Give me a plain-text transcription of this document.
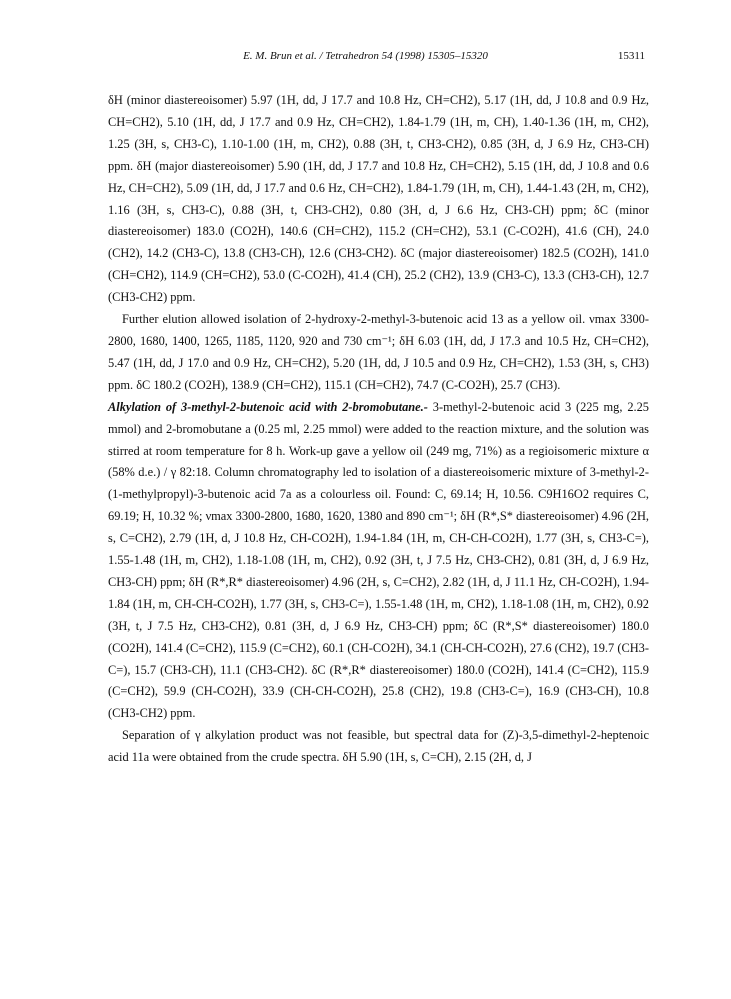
E. M. Brun et al. / Tetrahedron 54 (1998) 15305–15320	15311

δH (minor diastereoisomer) 5.97 (1H, dd, J 17.7 and 10.8 Hz, CH=CH2), 5.17 (1H, dd, J 10.8 and 0.9 Hz, CH=CH2), 5.10 (1H, dd, J 17.7 and 0.9 Hz, CH=CH2), 1.84-1.79 (1H, m, CH), 1.40-1.36 (1H, m, CH2), 1.25 (3H, s, CH3-C), 1.10-1.00 (1H, m, CH2), 0.88 (3H, t, CH3-CH2), 0.85 (3H, d, J 6.9 Hz, CH3-CH) ppm. δH (major diastereoisomer) 5.90 (1H, dd, J 17.7 and 10.8 Hz, CH=CH2), 5.15 (1H, dd, J 10.8 and 0.6 Hz, CH=CH2), 5.09 (1H, dd, J 17.7 and 0.6 Hz, CH=CH2), 1.84-1.79 (1H, m, CH), 1.44-1.43 (2H, m, CH2), 1.16 (3H, s, CH3-C), 0.88 (3H, t, CH3-CH2), 0.80 (3H, d, J 6.6 Hz, CH3-CH) ppm; δC (minor diastereoisomer) 183.0 (CO2H), 140.6 (CH=CH2), 115.2 (CH=CH2), 53.1 (C-CO2H), 41.6 (CH), 24.0 (CH2), 14.2 (CH3-C), 13.8 (CH3-CH), 12.6 (CH3-CH2). δC (major diastereoisomer) 182.5 (CO2H), 141.0 (CH=CH2), 114.9 (CH=CH2), 53.0 (C-CO2H), 41.4 (CH), 25.2 (CH2), 13.9 (CH3-C), 13.3 (CH3-CH), 12.7 (CH3-CH2) ppm.

Further elution allowed isolation of 2-hydroxy-2-methyl-3-butenoic acid 13 as a yellow oil. νmax 3300-2800, 1680, 1400, 1265, 1185, 1120, 920 and 730 cm⁻¹; δH 6.03 (1H, dd, J 17.3 and 10.5 Hz, CH=CH2), 5.47 (1H, dd, J 17.0 and 0.9 Hz, CH=CH2), 5.20 (1H, dd, J 10.5 and 0.9 Hz, CH=CH2), 1.53 (3H, s, CH3) ppm. δC 180.2 (CO2H), 138.9 (CH=CH2), 115.1 (CH=CH2), 74.7 (C-CO2H), 25.7 (CH3).

Alkylation of 3-methyl-2-butenoic acid with 2-bromobutane.- 3-methyl-2-butenoic acid 3 (225 mg, 2.25 mmol) and 2-bromobutane a (0.25 ml, 2.25 mmol) were added to the reaction mixture, and the solution was stirred at room temperature for 8 h. Work-up gave a yellow oil (249 mg, 71%) as a regioisomeric mixture α (58% d.e.) / γ 82:18. Column chromatography led to isolation of a diastereoisomeric mixture of 3-methyl-2-(1-methylpropyl)-3-butenoic acid 7a as a colourless oil. Found: C, 69.14; H, 10.56. C9H16O2 requires C, 69.19; H, 10.32 %; νmax 3300-2800, 1680, 1620, 1380 and 890 cm⁻¹; δH (R*,S* diastereoisomer) 4.96 (2H, s, C=CH2), 2.79 (1H, d, J 10.8 Hz, CH-CO2H), 1.94-1.84 (1H, m, CH-CH-CO2H), 1.77 (3H, s, CH3-C=), 1.55-1.48 (1H, m, CH2), 1.18-1.08 (1H, m, CH2), 0.92 (3H, t, J 7.5 Hz, CH3-CH2), 0.81 (3H, d, J 6.9 Hz, CH3-CH) ppm; δH (R*,R* diastereoisomer) 4.96 (2H, s, C=CH2), 2.82 (1H, d, J 11.1 Hz, CH-CO2H), 1.94-1.84 (1H, m, CH-CH-CO2H), 1.77 (3H, s, CH3-C=), 1.55-1.48 (1H, m, CH2), 1.18-1.08 (1H, m, CH2), 0.92 (3H, t, J 7.5 Hz, CH3-CH2), 0.81 (3H, d, J 6.9 Hz, CH3-CH) ppm; δC (R*,S* diastereoisomer) 180.0 (CO2H), 141.4 (C=CH2), 115.9 (C=CH2), 60.1 (CH-CO2H), 34.1 (CH-CH-CO2H), 27.6 (CH2), 19.7 (CH3-C=), 15.7 (CH3-CH), 11.1 (CH3-CH2). δC (R*,R* diastereoisomer) 180.0 (CO2H), 141.4 (C=CH2), 115.9 (C=CH2), 59.9 (CH-CO2H), 33.9 (CH-CH-CO2H), 25.8 (CH2), 19.8 (CH3-C=), 16.9 (CH3-CH), 10.8 (CH3-CH2) ppm.

Separation of γ alkylation product was not feasible, but spectral data for (Z)-3,5-dimethyl-2-heptenoic acid 11a were obtained from the crude spectra. δH 5.90 (1H, s, C=CH), 2.15 (2H, d, J
